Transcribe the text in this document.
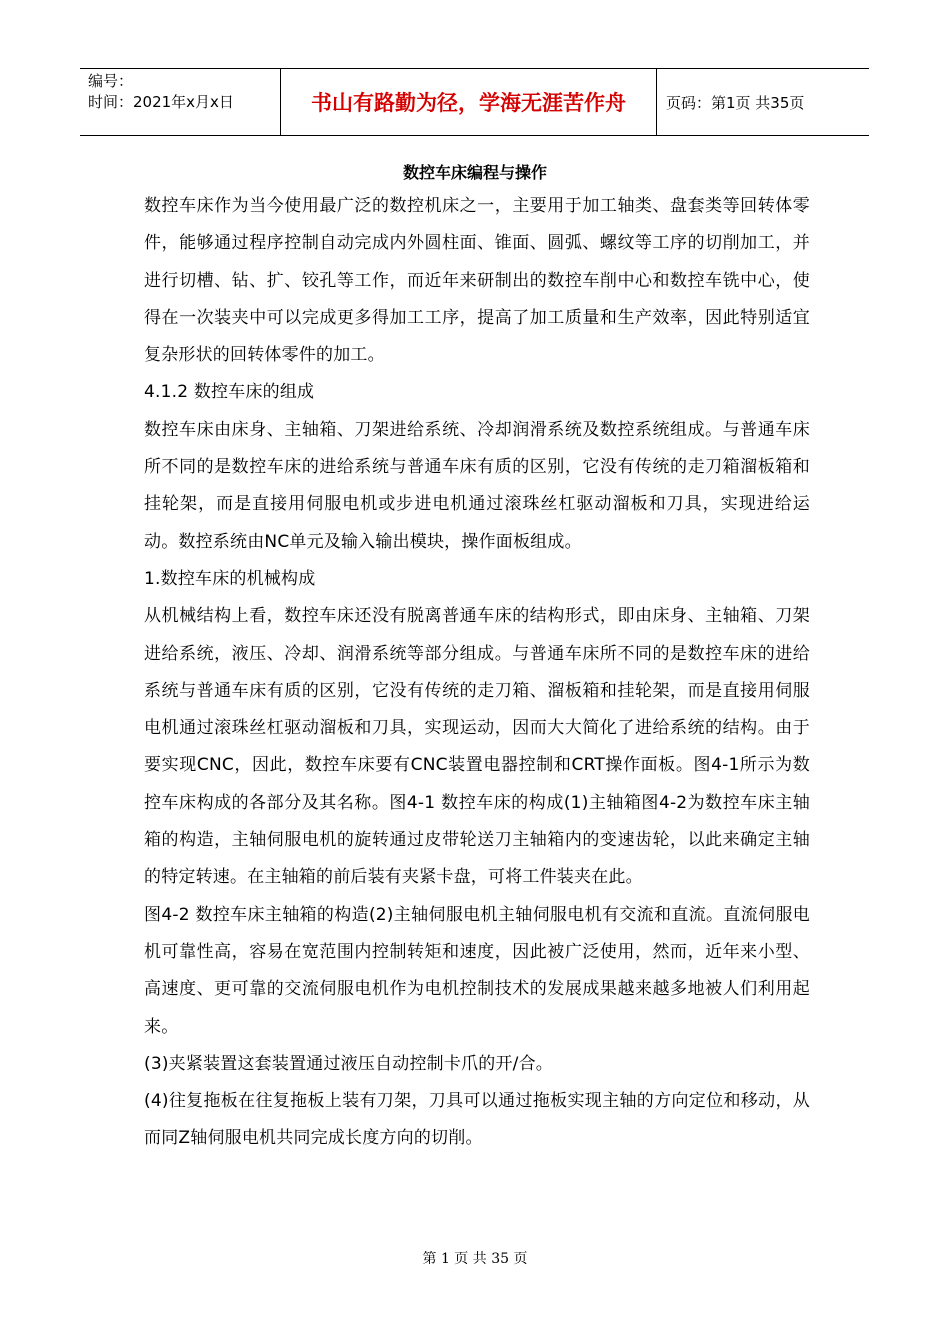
编号：
时间：2021年x月x日	书山有路勤为径，学海无涯苦作舟	页码：第1页 共35页
数控车床编程与操作

数控车床作为当今使用最广泛的数控机床之一，主要用于加工轴类、盘套类等回转体零件，能够通过程序控制自动完成内外圆柱面、锥面、圆弧、螺纹等工序的切削加工，并进行切槽、钻、扩、铰孔等工作，而近年来研制出的数控车削中心和数控车铣中心，使得在一次装夹中可以完成更多得加工工序，提高了加工质量和生产效率，因此特别适宜复杂形状的回转体零件的加工。

4.1.2 数控车床的组成

数控车床由床身、主轴箱、刀架进给系统、冷却润滑系统及数控系统组成。与普通车床所不同的是数控车床的进给系统与普通车床有质的区别，它没有传统的走刀箱溜板箱和挂轮架，而是直接用伺服电机或步进电机通过滚珠丝杠驱动溜板和刀具，实现进给运动。数控系统由NC单元及输入输出模块，操作面板组成。

1.数控车床的机械构成

从机械结构上看，数控车床还没有脱离普通车床的结构形式，即由床身、主轴箱、刀架进给系统，液压、冷却、润滑系统等部分组成。与普通车床所不同的是数控车床的进给系统与普通车床有质的区别，它没有传统的走刀箱、溜板箱和挂轮架，而是直接用伺服电机通过滚珠丝杠驱动溜板和刀具，实现运动，因而大大简化了进给系统的结构。由于要实现CNC，因此，数控车床要有CNC装置电器控制和CRT操作面板。图4-1所示为数控车床构成的各部分及其名称。图4-1 数控车床的构成(1)主轴箱图4-2为数控车床主轴箱的构造，主轴伺服电机的旋转通过皮带轮送刀主轴箱内的变速齿轮，以此来确定主轴的特定转速。在主轴箱的前后装有夹紧卡盘，可将工件装夹在此。

图4-2 数控车床主轴箱的构造(2)主轴伺服电机主轴伺服电机有交流和直流。直流伺服电机可靠性高，容易在宽范围内控制转矩和速度，因此被广泛使用，然而，近年来小型、高速度、更可靠的交流伺服电机作为电机控制技术的发展成果越来越多地被人们利用起来。

(3)夹紧装置这套装置通过液压自动控制卡爪的开/合。

(4)往复拖板在往复拖板上装有刀架，刀具可以通过拖板实现主轴的方向定位和移动，从而同Z轴伺服电机共同完成长度方向的切削。

第 1 页 共 35 页
